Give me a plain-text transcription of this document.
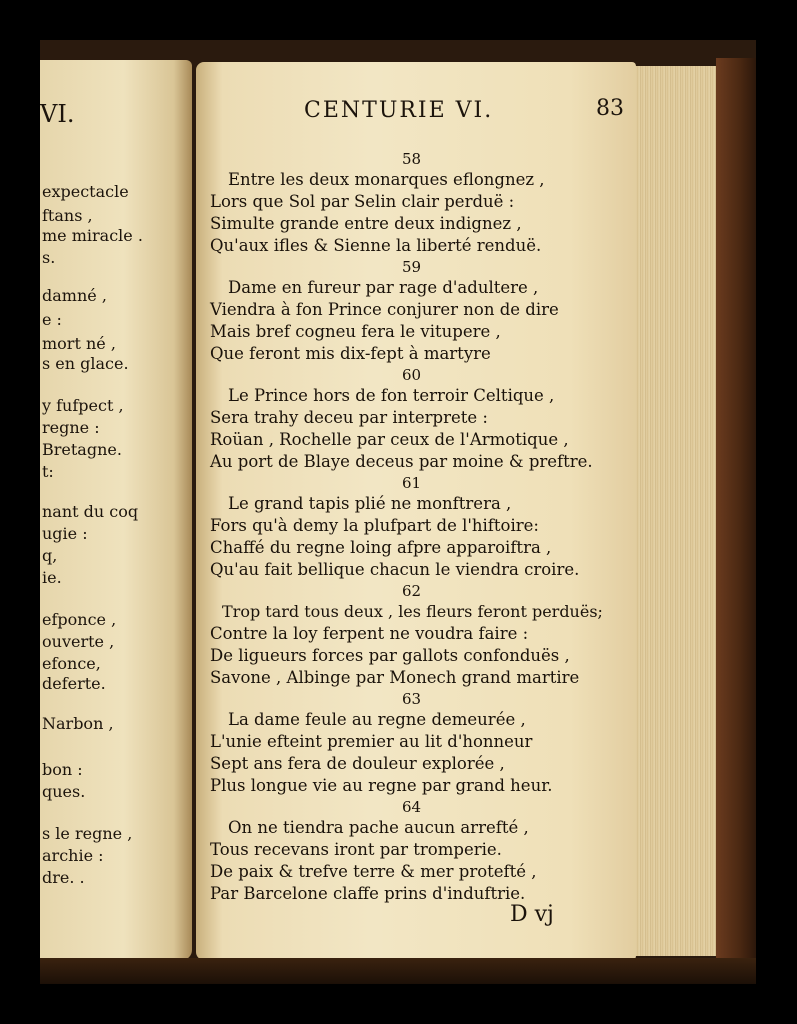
VI.
expectacle
ftans ,
me miracle .
s.
damné ,
e :
mort né ,
s en glace.
y fufpect ,
regne :
Bretagne.
t:
nant du coq
ugie :
q,
ie.
efponce ,
ouverte ,
efonce,
deferte.
Narbon ,
bon :
ques.
s le regne ,
archie :
dre. .
CENTURIE VI.	83
58
Entre les deux monarques eflongnez ,
Lors que Sol par Selin clair perduë :
Simulte grande entre deux indignez ,
Qu'aux ifles & Sienne la liberté renduë.
59
Dame en fureur par rage d'adultere ,
Viendra à fon Prince conjurer non de dire
Mais bref cogneu fera le vitupere ,
Que feront mis dix-fept à martyre
60
Le Prince hors de fon terroir Celtique ,
Sera trahy deceu par interprete :
Roüan , Rochelle par ceux de l'Armotique ,
Au port de Blaye deceus par moine & preftre.
61
Le grand tapis plié ne monftrera ,
Fors qu'à demy la plufpart de l'hiftoire:
Chaffé du regne loing afpre apparoiftra ,
Qu'au fait bellique chacun le viendra croire.
62
Trop tard tous deux , les fleurs feront perduës;
Contre la loy ferpent ne voudra faire :
De ligueurs forces par gallots confonduës ,
Savone , Albinge par Monech grand martire
63
La dame feule au regne demeurée ,
L'unie efteint premier au lit d'honneur
Sept ans fera de douleur explorée ,
Plus longue vie au regne par grand heur.
64
On ne tiendra pache aucun arrefté ,
Tous recevans iront par tromperie.
De paix & trefve terre & mer protefté ,
Par Barcelone claffe prins d'induftrie.
D vj
